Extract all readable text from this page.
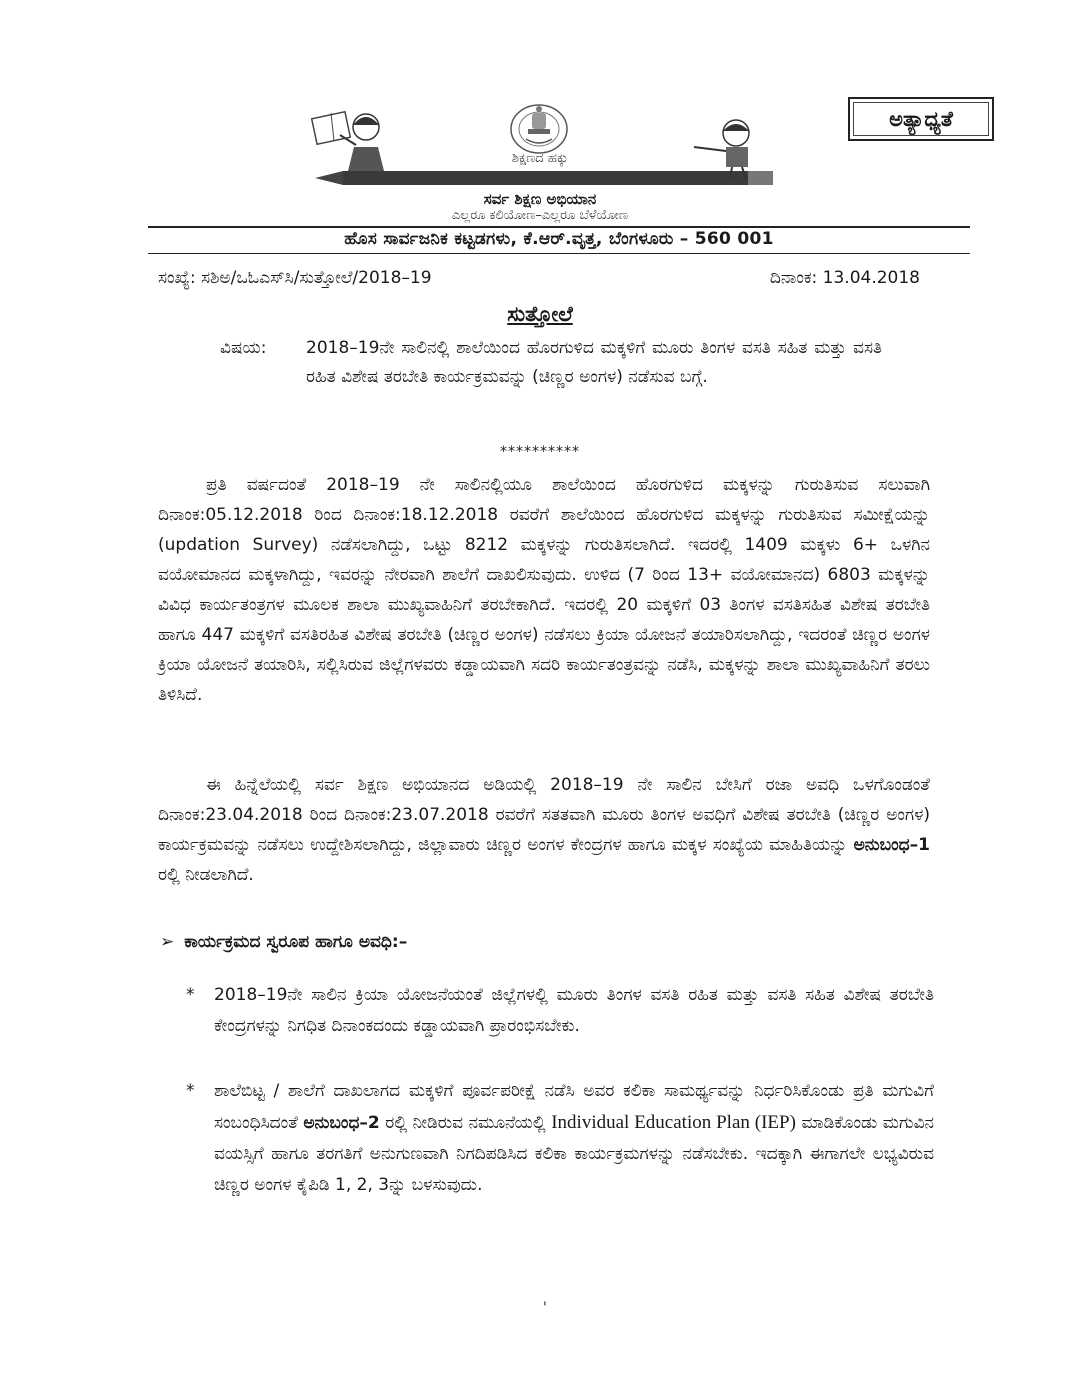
ಅತ್ಯಾಧ್ಯತೆ
ಶಿಕ್ಷಣದ ಹಕ್ಕು
ಸರ್ವ ಶಿಕ್ಷಣ ಅಭಿಯಾನ
ಎಲ್ಲರೂ ಕಲಿಯೋಣ–ಎಲ್ಲರೂ ಬೆಳೆಯೋಣ
ಹೊಸ ಸಾರ್ವಜನಿಕ ಕಟ್ಟಡಗಳು, ಕೆ.ಆರ್.ವೃತ್ತ, ಬೆಂಗಳೂರು – 560 001
ಸಂಖ್ಯೆ: ಸಶಿಅ/ಒಓಎಸ್‌ಸಿ/ಸುತ್ತೋಲೆ/2018–19	ದಿನಾಂಕ: 13.04.2018
ಸುತ್ತೋಲೆ
ವಿಷಯ:	2018–19ನೇ ಸಾಲಿನಲ್ಲಿ ಶಾಲೆಯಿಂದ ಹೊರಗುಳಿದ ಮಕ್ಕಳಿಗೆ ಮೂರು ತಿಂಗಳ ವಸತಿ ಸಹಿತ ಮತ್ತು ವಸತಿ ರಹಿತ ವಿಶೇಷ ತರಬೇತಿ ಕಾರ್ಯಕ್ರಮವನ್ನು (ಚಿಣ್ಣರ ಅಂಗಳ) ನಡೆಸುವ ಬಗ್ಗೆ.
**********
ಪ್ರತಿ ವರ್ಷದಂತೆ 2018–19 ನೇ ಸಾಲಿನಲ್ಲಿಯೂ ಶಾಲೆಯಿಂದ ಹೊರಗುಳಿದ ಮಕ್ಕಳನ್ನು ಗುರುತಿಸುವ ಸಲುವಾಗಿ ದಿನಾಂಕ:05.12.2018 ರಿಂದ ದಿನಾಂಕ:18.12.2018 ರವರೆಗೆ ಶಾಲೆಯಿಂದ ಹೊರಗುಳಿದ ಮಕ್ಕಳನ್ನು ಗುರುತಿಸುವ ಸಮೀಕ್ಷೆಯನ್ನು (updation Survey) ನಡೆಸಲಾಗಿದ್ದು, ಒಟ್ಟು 8212 ಮಕ್ಕಳನ್ನು ಗುರುತಿಸಲಾಗಿದೆ. ಇದರಲ್ಲಿ 1409 ಮಕ್ಕಳು 6+ ಒಳಗಿನ ವಯೋಮಾನದ ಮಕ್ಕಳಾಗಿದ್ದು, ಇವರನ್ನು ನೇರವಾಗಿ ಶಾಲೆಗೆ ದಾಖಲಿಸುವುದು. ಉಳಿದ (7 ರಿಂದ 13+ ವಯೋಮಾನದ) 6803 ಮಕ್ಕಳನ್ನು ವಿವಿಧ ಕಾರ್ಯತಂತ್ರಗಳ ಮೂಲಕ ಶಾಲಾ ಮುಖ್ಯವಾಹಿನಿಗೆ ತರಬೇಕಾಗಿದೆ. ಇದರಲ್ಲಿ 20 ಮಕ್ಕಳಿಗೆ 03 ತಿಂಗಳ ವಸತಿಸಹಿತ ವಿಶೇಷ ತರಬೇತಿ ಹಾಗೂ 447 ಮಕ್ಕಳಿಗೆ ವಸತಿರಹಿತ ವಿಶೇಷ ತರಬೇತಿ (ಚಿಣ್ಣರ ಅಂಗಳ) ನಡೆಸಲು ಕ್ರಿಯಾ ಯೋಜನೆ ತಯಾರಿಸಲಾಗಿದ್ದು, ಇದರಂತೆ ಚಿಣ್ಣರ ಅಂಗಳ ಕ್ರಿಯಾ ಯೋಜನೆ ತಯಾರಿಸಿ, ಸಲ್ಲಿಸಿರುವ ಜಿಲ್ಲೆಗಳವರು ಕಡ್ಡಾಯವಾಗಿ ಸದರಿ ಕಾರ್ಯತಂತ್ರವನ್ನು ನಡೆಸಿ, ಮಕ್ಕಳನ್ನು ಶಾಲಾ ಮುಖ್ಯವಾಹಿನಿಗೆ ತರಲು ತಿಳಿಸಿದೆ.
ಈ ಹಿನ್ನೆಲೆಯಲ್ಲಿ ಸರ್ವ ಶಿಕ್ಷಣ ಅಭಿಯಾನದ ಅಡಿಯಲ್ಲಿ 2018–19 ನೇ ಸಾಲಿನ ಬೇಸಿಗೆ ರಜಾ ಅವಧಿ ಒಳಗೊಂಡಂತೆ ದಿನಾಂಕ:23.04.2018 ರಿಂದ ದಿನಾಂಕ:23.07.2018 ರವರೆಗೆ ಸತತವಾಗಿ ಮೂರು ತಿಂಗಳ ಅವಧಿಗೆ ವಿಶೇಷ ತರಬೇತಿ (ಚಿಣ್ಣರ ಅಂಗಳ) ಕಾರ್ಯಕ್ರಮವನ್ನು ನಡೆಸಲು ಉದ್ದೇಶಿಸಲಾಗಿದ್ದು, ಜಿಲ್ಲಾವಾರು ಚಿಣ್ಣರ ಅಂಗಳ ಕೇಂದ್ರಗಳ ಹಾಗೂ ಮಕ್ಕಳ ಸಂಖ್ಯೆಯ ಮಾಹಿತಿಯನ್ನು ಅನುಬಂಧ–1 ರಲ್ಲಿ ನೀಡಲಾಗಿದೆ.
➢ ಕಾರ್ಯಕ್ರಮದ ಸ್ವರೂಪ ಹಾಗೂ ಅವಧಿ:–
* 2018–19ನೇ ಸಾಲಿನ ಕ್ರಿಯಾ ಯೋಜನೆಯಂತೆ ಜಿಲ್ಲೆಗಳಲ್ಲಿ ಮೂರು ತಿಂಗಳ ವಸತಿ ರಹಿತ ಮತ್ತು ವಸತಿ ಸಹಿತ ವಿಶೇಷ ತರಬೇತಿ ಕೇಂದ್ರಗಳನ್ನು ನಿಗಧಿತ ದಿನಾಂಕದಂದು ಕಡ್ಡಾಯವಾಗಿ ಪ್ರಾರಂಭಿಸಬೇಕು.
* ಶಾಲೆಬಿಟ್ಟ / ಶಾಲೆಗೆ ದಾಖಲಾಗದ ಮಕ್ಕಳಿಗೆ ಪೂರ್ವಪರೀಕ್ಷೆ ನಡೆಸಿ ಅವರ ಕಲಿಕಾ ಸಾಮರ್ಥ್ಯವನ್ನು ನಿರ್ಧರಿಸಿಕೊಂಡು ಪ್ರತಿ ಮಗುವಿಗೆ ಸಂಬಂಧಿಸಿದಂತೆ ಅನುಬಂಧ–2 ರಲ್ಲಿ ನೀಡಿರುವ ನಮೂನೆಯಲ್ಲಿ Individual Education Plan (IEP) ಮಾಡಿಕೊಂಡು ಮಗುವಿನ ವಯಸ್ಸಿಗೆ ಹಾಗೂ ತರಗತಿಗೆ ಅನುಗುಣವಾಗಿ ನಿಗದಿಪಡಿಸಿದ ಕಲಿಕಾ ಕಾರ್ಯಕ್ರಮಗಳನ್ನು ನಡೆಸಬೇಕು. ಇದಕ್ಕಾಗಿ ಈಗಾಗಲೇ ಲಭ್ಯವಿರುವ ಚಿಣ್ಣರ ಅಂಗಳ ಕೈಪಿಡಿ 1, 2, 3ನ್ನು ಬಳಸುವುದು.
'
